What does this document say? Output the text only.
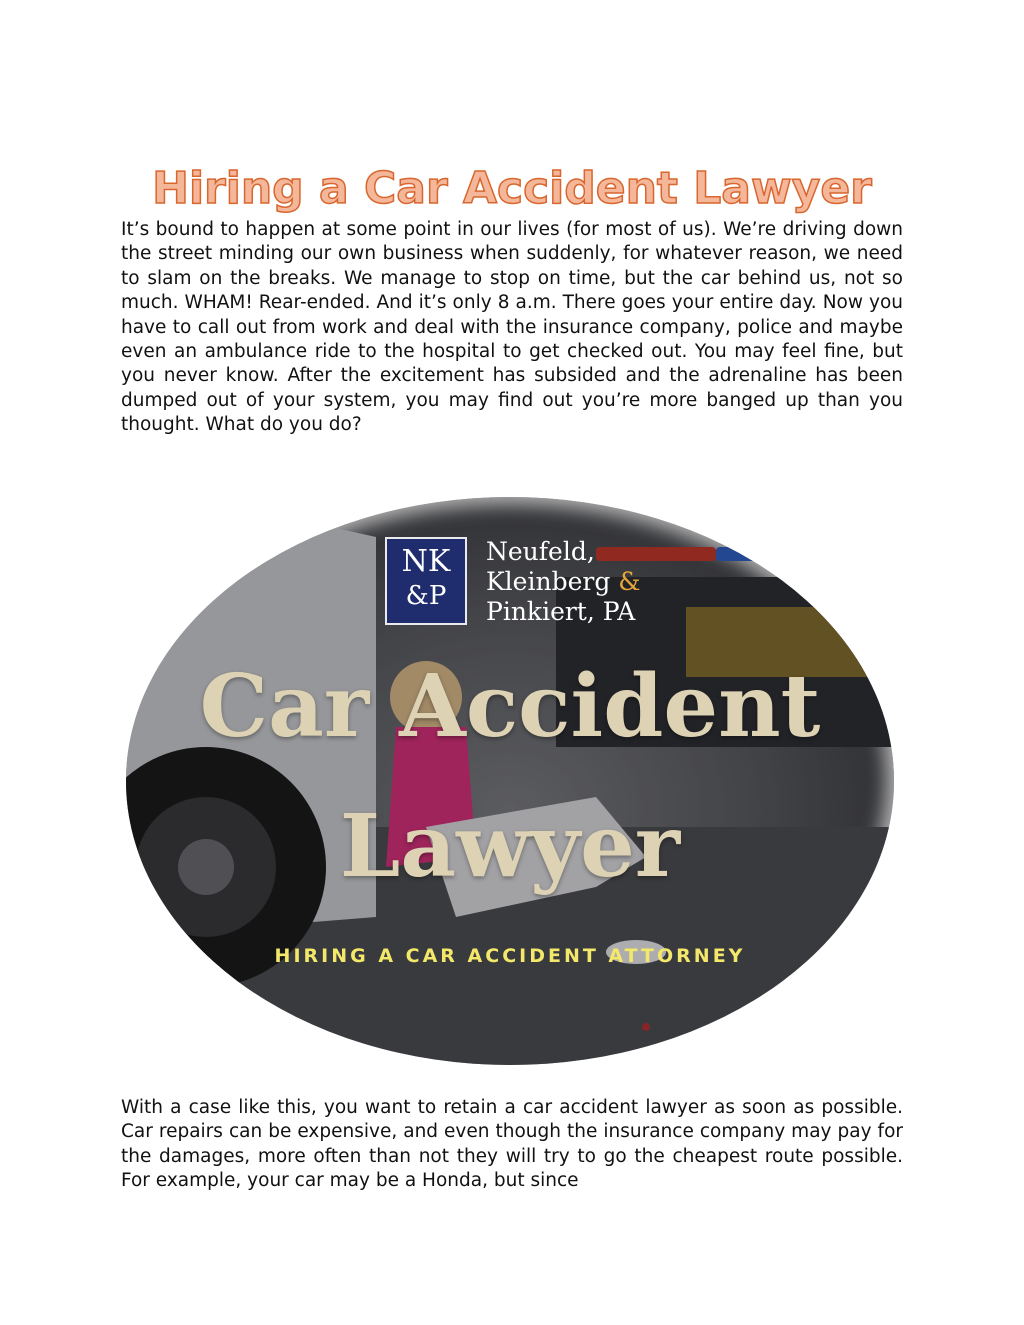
Hiring a Car Accident Lawyer

It’s bound to happen at some point in our lives (for most of us). We’re driving down the street minding our own business when suddenly, for whatever reason, we need to slam on the breaks. We manage to stop on time, but the car behind us, not so much. WHAM! Rear-ended. And it’s only 8 a.m. There goes your entire day. Now you have to call out from work and deal with the insurance company, police and maybe even an ambulance ride to the hospital to get checked out. You may feel fine, but you never know. After the excitement has subsided and the adrenaline has been dumped out of your system, you may find out you’re more banged up than you thought. What do you do?

NK
&P
Neufeld,
Kleinberg &
Pinkiert, PA
Car Accident
Lawyer
HIRING A CAR ACCIDENT ATTORNEY

With a case like this, you want to retain a car accident lawyer as soon as possible. Car repairs can be expensive, and even though the insurance company may pay for the damages, more often than not they will try to go the cheapest route possible. For example, your car may be a Honda, but since
